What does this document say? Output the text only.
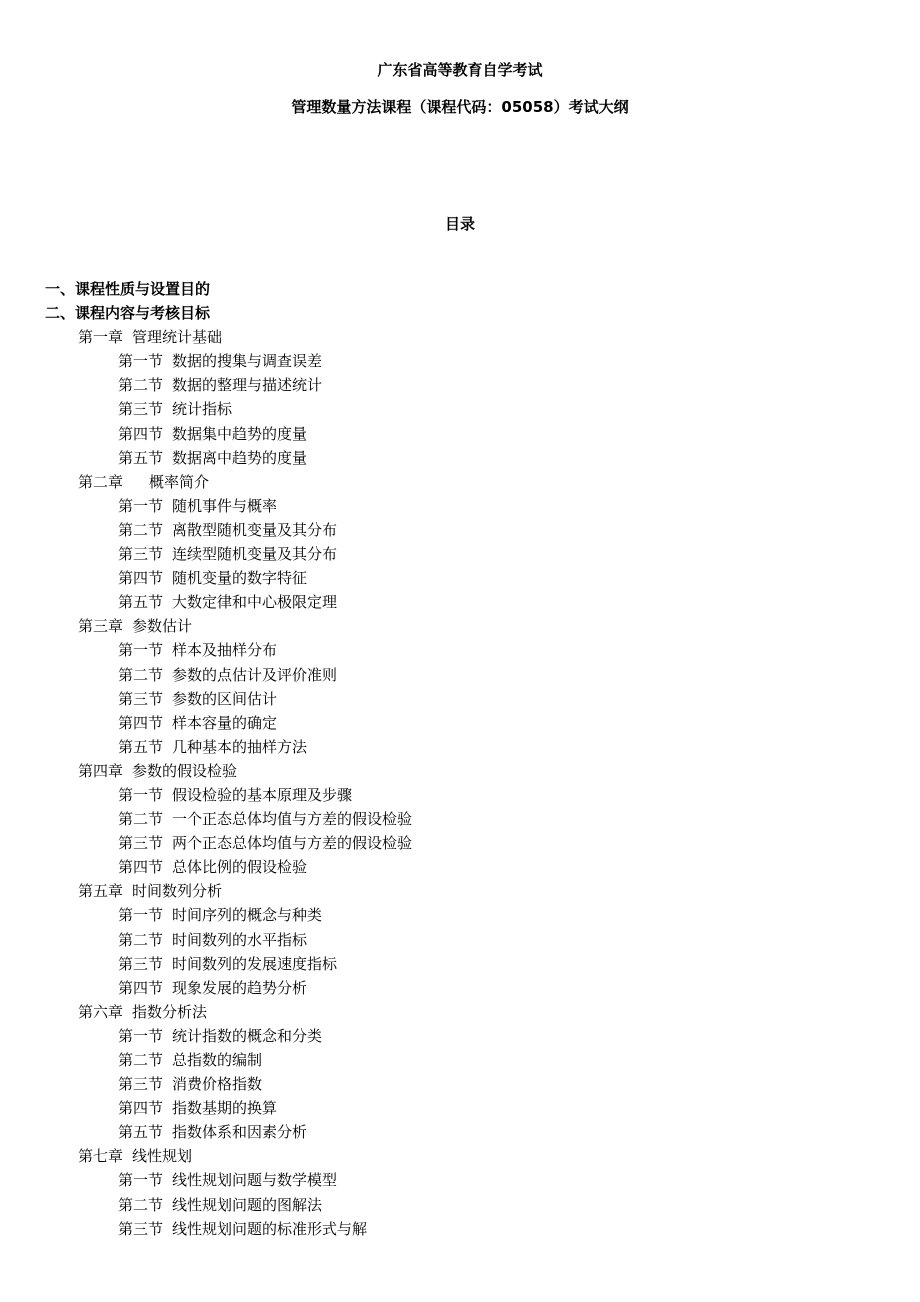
广东省高等教育自学考试
管理数量方法课程（课程代码：05058）考试大纲
目录
一、课程性质与设置目的
二、课程内容与考核目标
第一章 管理统计基础
第一节 数据的搜集与调查误差
第二节 数据的整理与描述统计
第三节 统计指标
第四节 数据集中趋势的度量
第五节 数据离中趋势的度量
第二章 概率简介
第一节 随机事件与概率
第二节 离散型随机变量及其分布
第三节 连续型随机变量及其分布
第四节 随机变量的数字特征
第五节 大数定律和中心极限定理
第三章 参数估计
第一节 样本及抽样分布
第二节 参数的点估计及评价准则
第三节 参数的区间估计
第四节 样本容量的确定
第五节 几种基本的抽样方法
第四章 参数的假设检验
第一节 假设检验的基本原理及步骤
第二节 一个正态总体均值与方差的假设检验
第三节 两个正态总体均值与方差的假设检验
第四节 总体比例的假设检验
第五章 时间数列分析
第一节 时间序列的概念与种类
第二节 时间数列的水平指标
第三节 时间数列的发展速度指标
第四节 现象发展的趋势分析
第六章 指数分析法
第一节 统计指数的概念和分类
第二节 总指数的编制
第三节 消费价格指数
第四节 指数基期的换算
第五节 指数体系和因素分析
第七章 线性规划
第一节 线性规划问题与数学模型
第二节 线性规划问题的图解法
第三节 线性规划问题的标准形式与解
